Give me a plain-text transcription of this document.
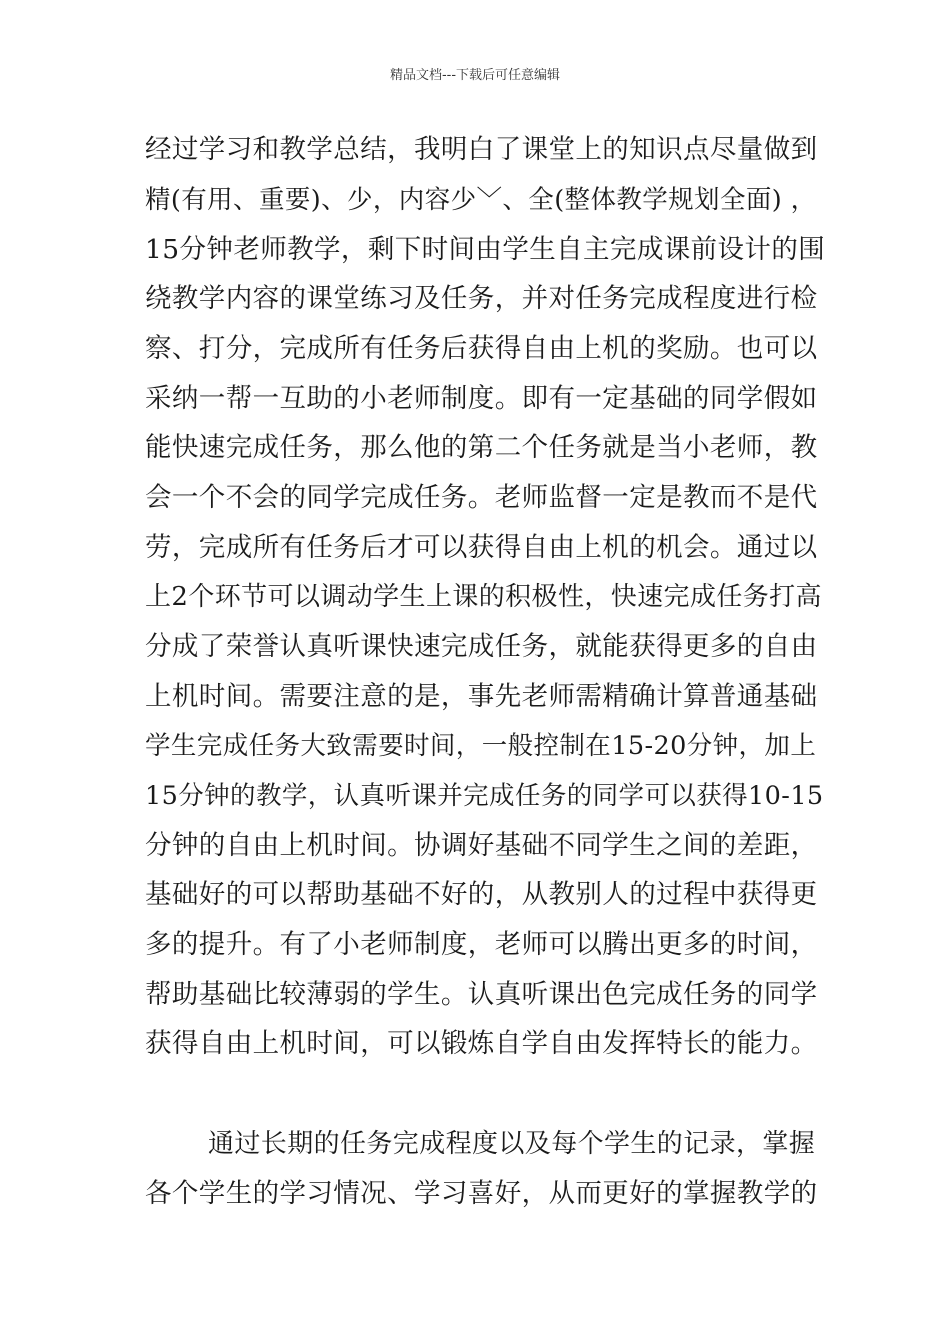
精品文档---下载后可任意编辑
经过学习和教学总结，我明白了课堂上的知识点尽量做到
精(有用、重要)、少，内容少﹀、全(整体教学规划全面) ，
15分钟老师教学，剩下时间由学生自主完成课前设计的围
绕教学内容的课堂练习及任务，并对任务完成程度进行检
察、打分，完成所有任务后获得自由上机的奖励。也可以
采纳一帮一互助的小老师制度。即有一定基础的同学假如
能快速完成任务，那么他的第二个任务就是当小老师，教
会一个不会的同学完成任务。老师监督一定是教而不是代
劳，完成所有任务后才可以获得自由上机的机会。通过以
上2个环节可以调动学生上课的积极性，快速完成任务打高
分成了荣誉认真听课快速完成任务，就能获得更多的自由
上机时间。需要注意的是，事先老师需精确计算普通基础
学生完成任务大致需要时间，一般控制在15-20分钟，加上
15分钟的教学，认真听课并完成任务的同学可以获得10-15
分钟的自由上机时间。协调好基础不同学生之间的差距，
基础好的可以帮助基础不好的，从教别人的过程中获得更
多的提升。有了小老师制度，老师可以腾出更多的时间，
帮助基础比较薄弱的学生。认真听课出色完成任务的同学
获得自由上机时间，可以锻炼自学自由发挥特长的能力。
通过长期的任务完成程度以及每个学生的记录，掌握
各个学生的学习情况、学习喜好，从而更好的掌握教学的
